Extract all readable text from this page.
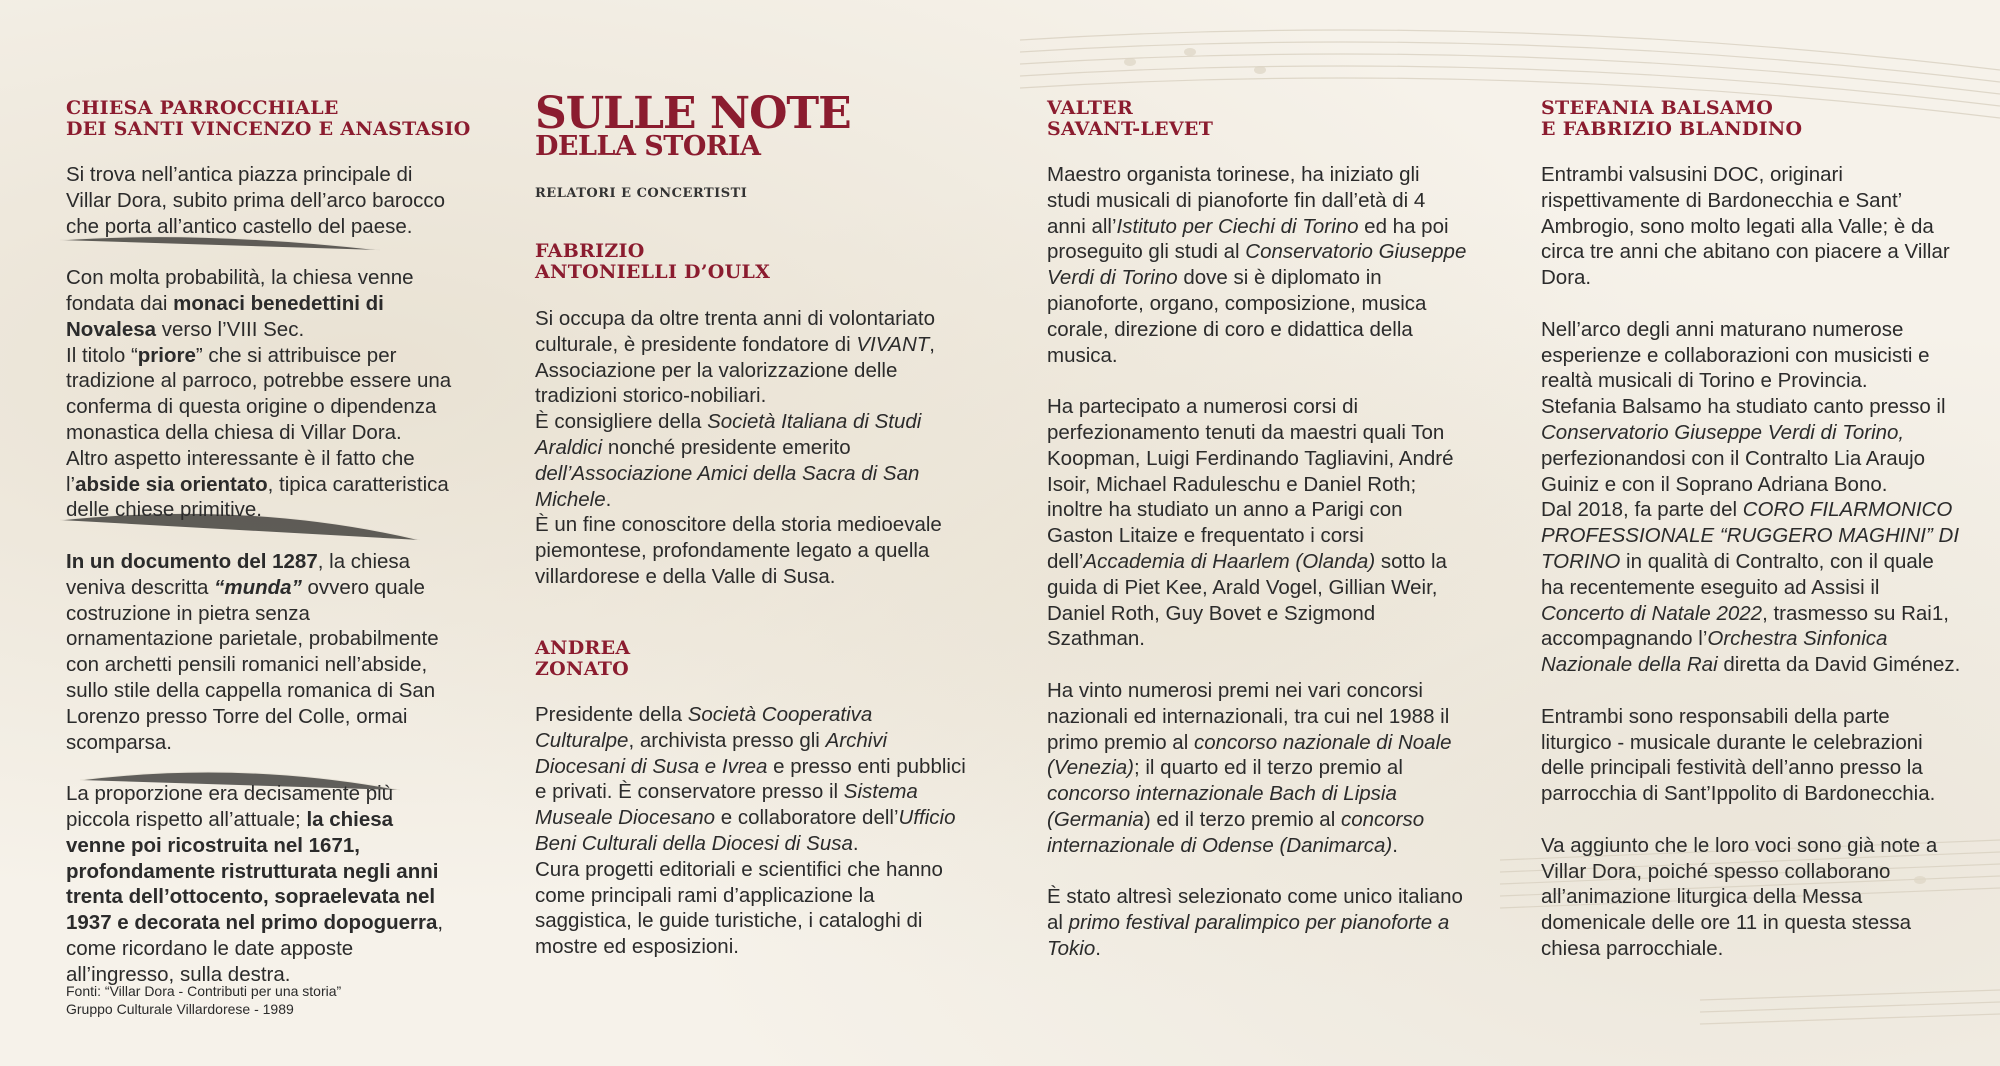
CHIESA PARROCCHIALE
DEI SANTI VINCENZO E ANASTASIO

Si trova nell’antica piazza principale di Villar Dora, subito prima dell’arco barocco che porta all’antico castello del paese.

Con molta probabilità, la chiesa venne fondata dai monaci benedettini di Novalesa verso l’VIII Sec.
Il titolo “priore” che si attribuisce per tradizione al parroco, potrebbe essere una conferma di questa origine o dipendenza monastica della chiesa di Villar Dora.
Altro aspetto interessante è il fatto che l’abside sia orientato, tipica caratteristica delle chiese primitive.

In un documento del 1287, la chiesa veniva descritta “munda” ovvero quale costruzione in pietra senza ornamentazione parietale, probabilmente con archetti pensili romanici nell’abside, sullo stile della cappella romanica di San Lorenzo presso Torre del Colle, ormai scomparsa.

La proporzione era decisamente più piccola rispetto all’attuale; la chiesa venne poi ricostruita nel 1671, profondamente ristrutturata negli anni trenta dell’ottocento, sopraelevata nel 1937 e decorata nel primo dopoguerra, come ricordano le date apposte all’ingresso, sulla destra.

Fonti: “Villar Dora - Contributi per una storia”
Gruppo Culturale Villardorese - 1989
SULLE NOTE
DELLA STORIA
RELATORI E CONCERTISTI
FABRIZIO
ANTONIELLI D’OULX

Si occupa da oltre trenta anni di volontariato culturale, è presidente fondatore di VIVANT, Associazione per la valorizzazione delle tradizioni storico-nobiliari.
È consigliere della Società Italiana di Studi Araldici nonché presidente emerito dell’Associazione Amici della Sacra di San Michele.
È un fine conoscitore della storia medioevale piemontese, profondamente legato a quella villardorese e della Valle di Susa.

ANDREA
ZONATO

Presidente della Società Cooperativa Culturalpe, archivista presso gli Archivi Diocesani di Susa e Ivrea e presso enti pubblici e privati. È conservatore presso il Sistema Museale Diocesano e collaboratore dell’Ufficio Beni Culturali della Diocesi di Susa.
Cura progetti editoriali e scientifici che hanno come principali rami d’applicazione la saggistica, le guide turistiche, i cataloghi di mostre ed esposizioni.

VALTER
SAVANT-LEVET

Maestro organista torinese, ha iniziato gli studi musicali di pianoforte fin dall’età di 4 anni all’Istituto per Ciechi di Torino ed ha poi proseguito gli studi al Conservatorio Giuseppe Verdi di Torino dove si è diplomato in pianoforte, organo, composizione, musica corale, direzione di coro e didattica della musica.

Ha partecipato a numerosi corsi di perfezionamento tenuti da maestri quali Ton Koopman, Luigi Ferdinando Tagliavini, André Isoir, Michael Raduleschu e Daniel Roth; inoltre ha studiato un anno a Parigi con Gaston Litaize e frequentato i corsi dell’Accademia di Haarlem (Olanda) sotto la guida di Piet Kee, Arald Vogel, Gillian Weir, Daniel Roth, Guy Bovet e Szigmond Szathman.

Ha vinto numerosi premi nei vari concorsi nazionali ed internazionali, tra cui nel 1988 il primo premio al concorso nazionale di Noale (Venezia); il quarto ed il terzo premio al concorso internazionale Bach di Lipsia (Germania) ed il terzo premio al concorso internazionale di Odense (Danimarca).

È stato altresì selezionato come unico italiano al primo festival paralimpico per pianoforte a Tokio.

STEFANIA BALSAMO
E FABRIZIO BLANDINO

Entrambi valsusini DOC, originari rispettivamente di Bardonecchia e Sant’ Ambrogio, sono molto legati alla Valle; è da circa tre anni che abitano con piacere a Villar Dora.

Nell’arco degli anni maturano numerose esperienze e collaborazioni con musicisti e realtà musicali di Torino e Provincia.
Stefania Balsamo ha studiato canto presso il Conservatorio Giuseppe Verdi di Torino, perfezionandosi con il Contralto Lia Araujo Guiniz e con il Soprano Adriana Bono.
Dal 2018, fa parte del CORO FILARMONICO PROFESSIONALE “RUGGERO MAGHINI” DI TORINO in qualità di Contralto, con il quale ha recentemente eseguito ad Assisi il Concerto di Natale 2022, trasmesso su Rai1, accompagnando l’Orchestra Sinfonica Nazionale della Rai diretta da David Giménez.

Entrambi sono responsabili della parte liturgico - musicale durante le celebrazioni delle principali festività dell’anno presso la parrocchia di Sant’Ippolito di Bardonecchia.

Va aggiunto che le loro voci sono già note a Villar Dora, poiché spesso collaborano all’animazione liturgica della Messa domenicale delle ore 11 in questa stessa chiesa parrocchiale.
